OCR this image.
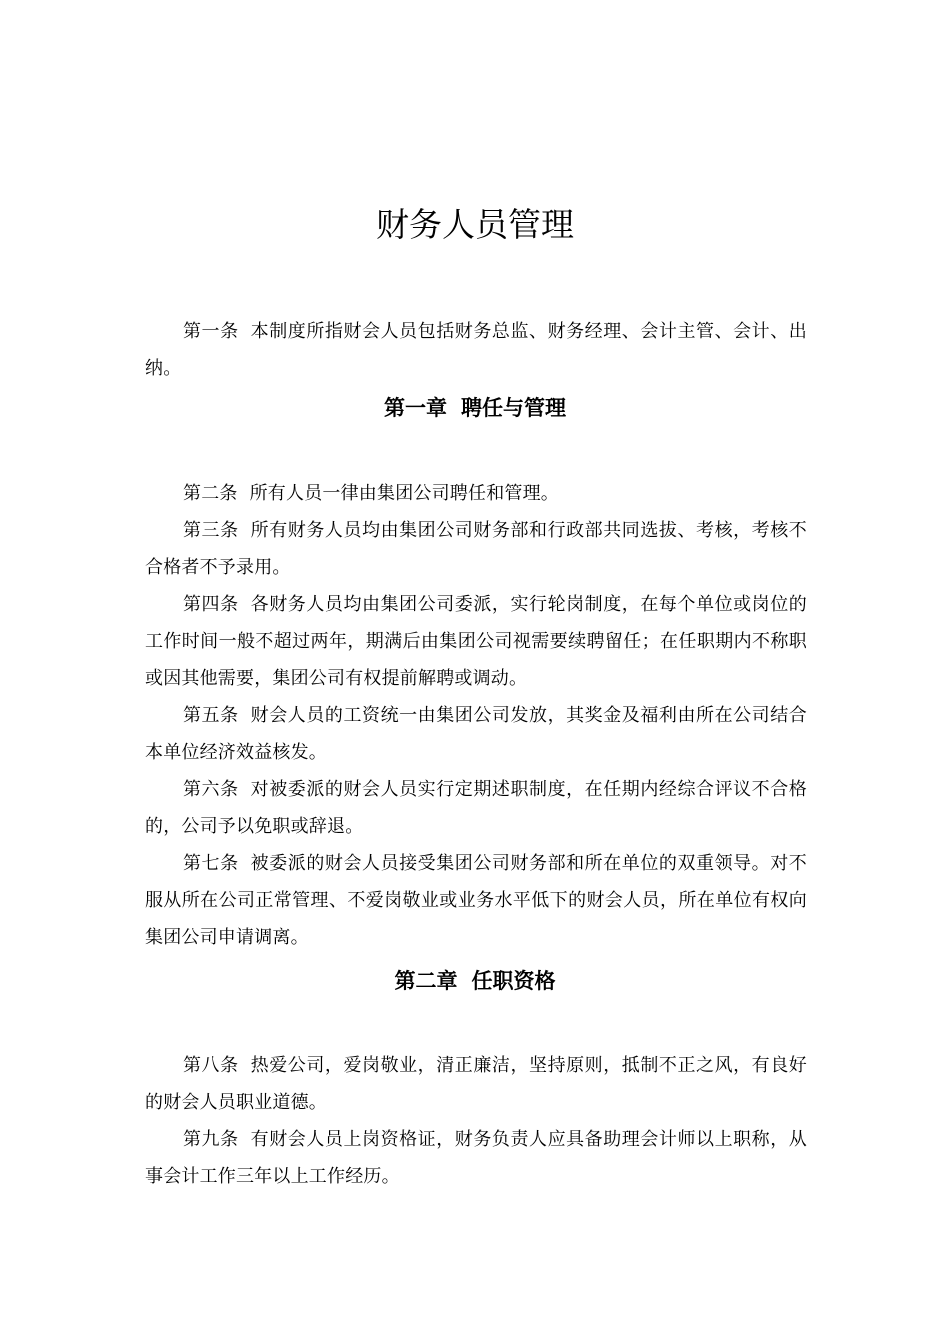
财务人员管理

第一条 本制度所指财会人员包括财务总监、财务经理、会计主管、会计、出纳。

第一章 聘任与管理

第二条 所有人员一律由集团公司聘任和管理。

第三条 所有财务人员均由集团公司财务部和行政部共同选拔、考核，考核不合格者不予录用。

第四条 各财务人员均由集团公司委派，实行轮岗制度，在每个单位或岗位的工作时间一般不超过两年，期满后由集团公司视需要续聘留任；在任职期内不称职或因其他需要，集团公司有权提前解聘或调动。

第五条 财会人员的工资统一由集团公司发放，其奖金及福利由所在公司结合本单位经济效益核发。

第六条 对被委派的财会人员实行定期述职制度，在任期内经综合评议不合格的，公司予以免职或辞退。

第七条 被委派的财会人员接受集团公司财务部和所在单位的双重领导。对不服从所在公司正常管理、不爱岗敬业或业务水平低下的财会人员，所在单位有权向集团公司申请调离。

第二章 任职资格

第八条 热爱公司，爱岗敬业，清正廉洁，坚持原则，抵制不正之风，有良好的财会人员职业道德。

第九条 有财会人员上岗资格证，财务负责人应具备助理会计师以上职称，从事会计工作三年以上工作经历。
